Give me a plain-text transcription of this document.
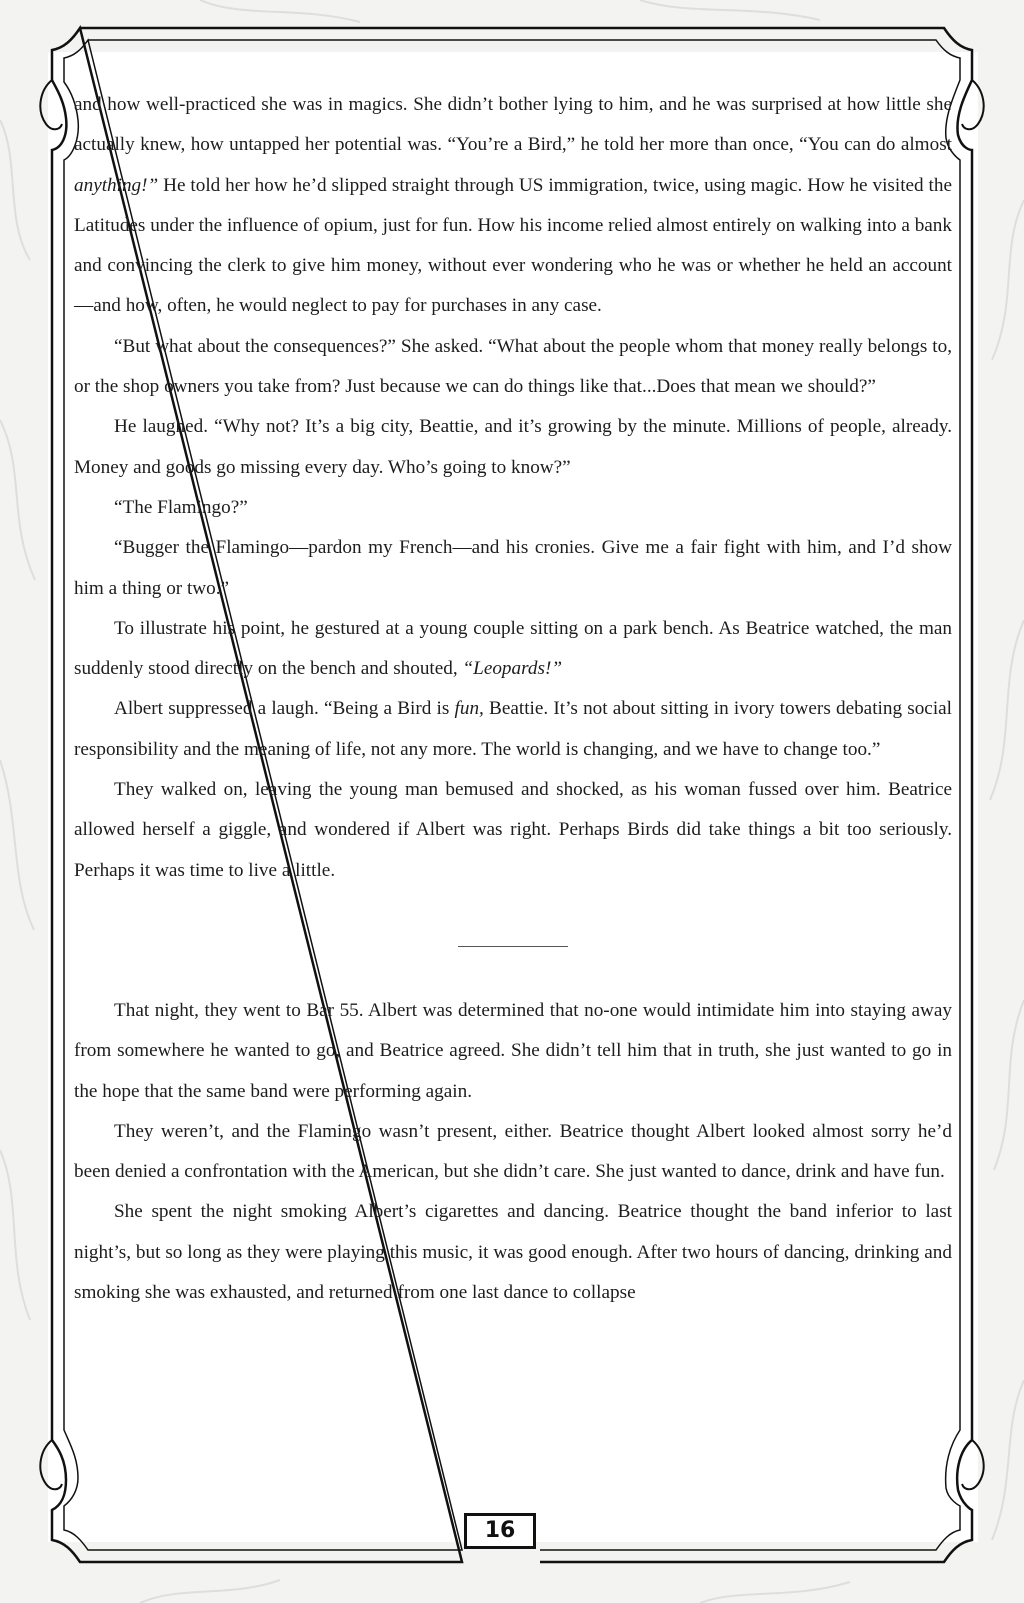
and how well-practiced she was in magics. She didn’t bother lying to him, and he was surprised at how little she actually knew, how untapped her potential was. “You’re a Bird,” he told her more than once, “You can do almost anything!” He told her how he’d slipped straight through US immigration, twice, using magic. How he visited the Latitudes under the influence of opium, just for fun. How his income relied almost entirely on walking into a bank and convincing the clerk to give him money, without ever wondering who he was or whether he held an account—and how, often, he would neglect to pay for purchases in any case.

“But what about the consequences?” She asked. “What about the people whom that money really belongs to, or the shop owners you take from? Just because we can do things like that...Does that mean we should?”

He laughed. “Why not? It’s a big city, Beattie, and it’s growing by the minute. Millions of people, already. Money and goods go missing every day. Who’s going to know?”

“The Flamingo?”

“Bugger the Flamingo—pardon my French—and his cronies. Give me a fair fight with him, and I’d show him a thing or two.”

To illustrate his point, he gestured at a young couple sitting on a park bench. As Beatrice watched, the man suddenly stood directly on the bench and shouted, “Leopards!”

Albert suppressed a laugh. “Being a Bird is fun, Beattie. It’s not about sitting in ivory towers debating social responsibility and the meaning of life, not any more. The world is changing, and we have to change too.”

They walked on, leaving the young man bemused and shocked, as his woman fussed over him. Beatrice allowed herself a giggle, and wondered if Albert was right. Perhaps Birds did take things a bit too seriously. Perhaps it was time to live a little.

That night, they went to Bar 55. Albert was determined that no-one would intimidate him into staying away from somewhere he wanted to go, and Beatrice agreed. She didn’t tell him that in truth, she just wanted to go in the hope that the same band were performing again.

They weren’t, and the Flamingo wasn’t present, either. Beatrice thought Albert looked almost sorry he’d been denied a confrontation with the American, but she didn’t care. She just wanted to dance, drink and have fun.

She spent the night smoking Albert’s cigarettes and dancing. Beatrice thought the band inferior to last night’s, but so long as they were playing this music, it was good enough. After two hours of dancing, drinking and smoking she was exhausted, and returned from one last dance to collapse

16
